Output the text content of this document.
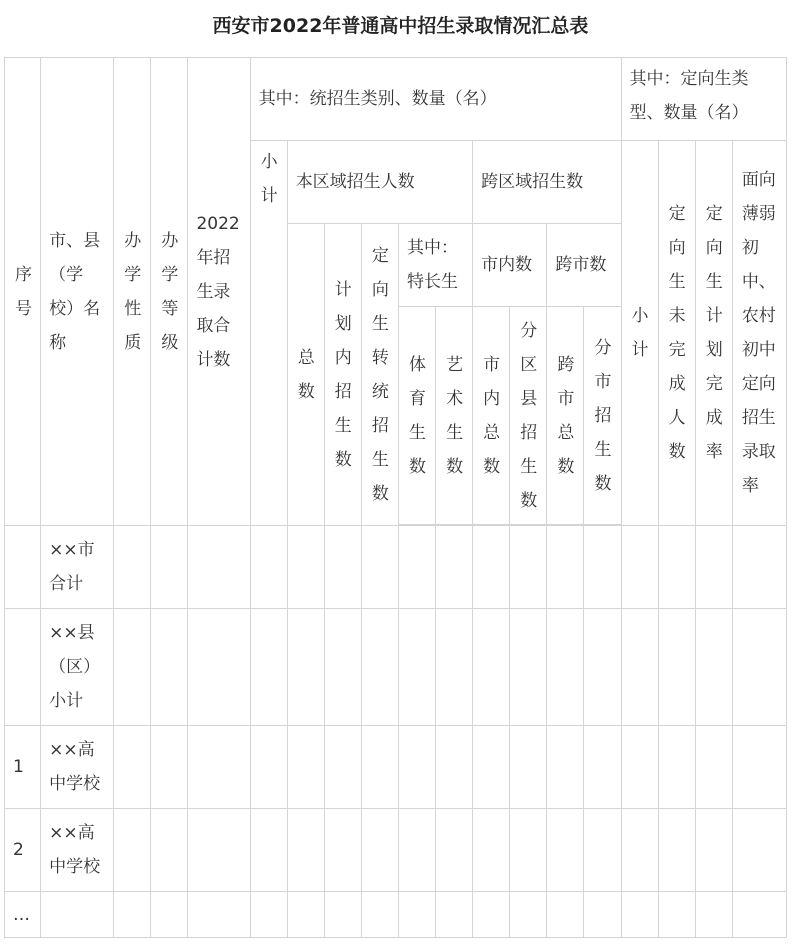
西安市2022年普通高中招生录取情况汇总表
序号	市、县（学校）名称	办学性质	办学等级	2022年招生录取合计数	其中：统招生类别、数量（名）										其中：定向生类型、数量（名）			
					小计	本区域招生人数					跨区域招生数				小计	定向生未完成人数	定向生计划完成率	面向薄弱初中、农村初中定向招生录取率
						总数	计划内招生数	定向生转统招生数	其中：特长生		市内数		跨市数					
									体育生数	艺术生数	市内总数	分区县招生数	跨市总数	分市招生数				

	××市合计																	
	××县（区）小计																	
1	××高中学校																	
2	××高中学校																	
…																		
